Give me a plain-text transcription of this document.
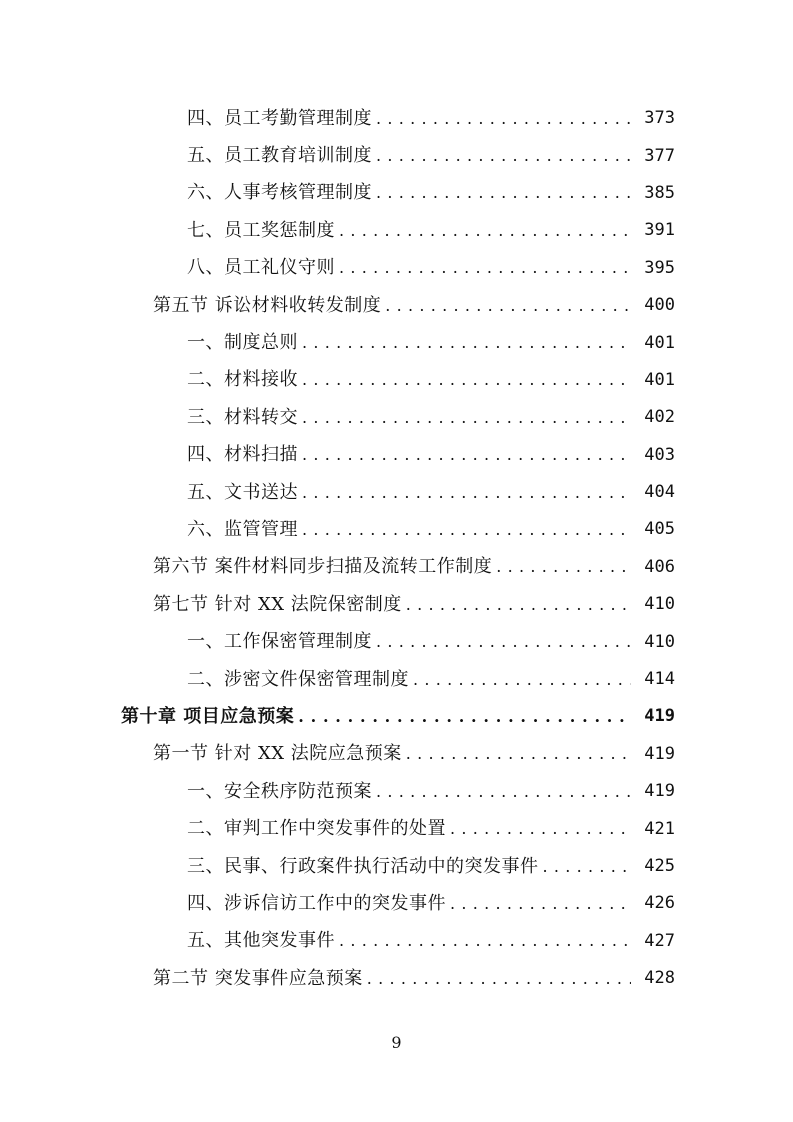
四、员工考勤管理制度 . . .	373
五、员工教育培训制度 . . .	377
六、人事考核管理制度 . . .	385
七、员工奖惩制度 . . .	391
八、员工礼仪守则 . . .	395
第五节 诉讼材料收转发制度 . . .	400
一、制度总则 . . .	401
二、材料接收 . . .	401
三、材料转交 . . .	402
四、材料扫描 . . .	403
五、文书送达 . . .	404
六、监管管理 . . .	405
第六节 案件材料同步扫描及流转工作制度 . . .	406
第七节 针对 XX 法院保密制度 . . .	410
一、工作保密管理制度 . . .	410
二、涉密文件保密管理制度 . . .	414
第十章 项目应急预案 . . .	419
第一节 针对 XX 法院应急预案 . . .	419
一、安全秩序防范预案 . . .	419
二、审判工作中突发事件的处置 . . .	421
三、民事、行政案件执行活动中的突发事件 . . .	425
四、涉诉信访工作中的突发事件 . . .	426
五、其他突发事件 . . .	427
第二节 突发事件应急预案 . . .	428
9
